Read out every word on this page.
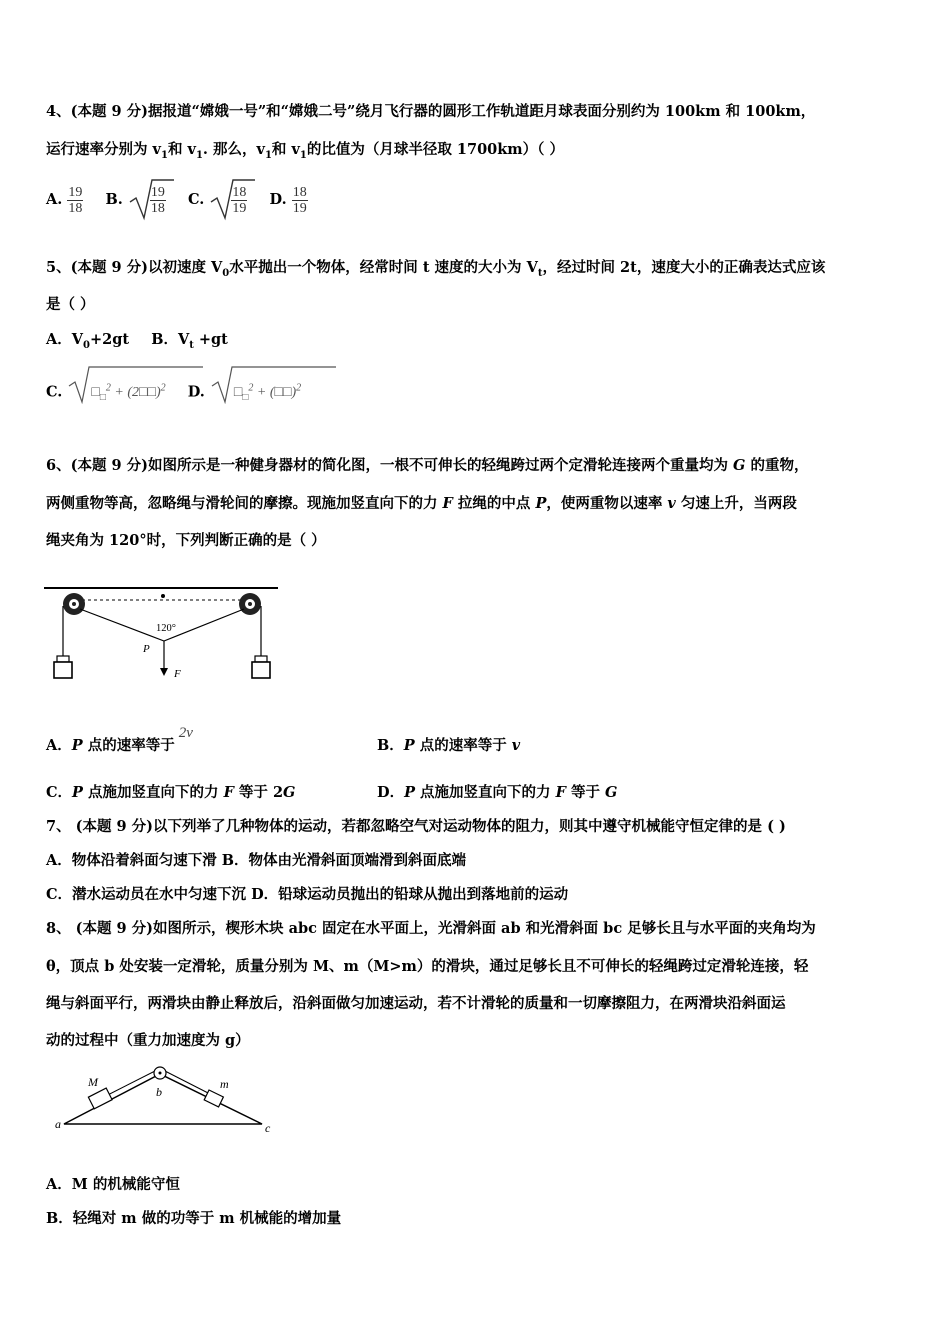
4、(本题 9 分)据报道“嫦娥一号”和“嫦娥二号”绕月飞行器的圆形工作轨道距月球表面分别约为 100km 和 100km，
运行速率分别为 $v_1$和 $v_1$. 那么，$v_1$和 $v_1$的比值为（月球半径取 1700km）（ ）
A. $\frac{19}{18} B$. $\frac{19}{18} C$. $\frac{18}{19} D$. $\frac{18}{19}$
5、(本题 9 分)以初速度 $V_0$水平抛出一个物体，经常时间 t 速度的大小为 $V_t$，经过时间 2t，速度大小的正确表达式应该
是（ ）
A．$V_0+2gt$ B．$V_t +gt$
C. $□_□^2$ + (2□□)$^2$ D. $□_□^2$ + (□□)$^2$
6、(本题 9 分)如图所示是一种健身器材的简化图，一根不可伸长的轻绳跨过两个定滑轮连接两个重量均为 G 的重物，
两侧重物等高，忽略绳与滑轮间的摩擦。现施加竖直向下的力 F 拉绳的中点 P，使两重物以速率 v 匀速上升，当两段
绳夹角为 120°时，下列判断正确的是（ ）
120°
P
F
A．P 点的速率等于2v
B．P 点的速率等于 v
C．P 点施加竖直向下的力 F 等于 2G	D．P 点施加竖直向下的力 F 等于 G
7、 (本题 9 分)以下列举了几种物体的运动，若都忽略空气对运动物体的阻力，则其中遵守机械能守恒定律的是 ( )
A．物体沿着斜面匀速下滑 B．物体由光滑斜面顶端滑到斜面底端
C．潜水运动员在水中匀速下沉 D．铅球运动员抛出的铅球从抛出到落地前的运动
8、 (本题 9 分)如图所示，楔形木块 abc 固定在水平面上，光滑斜面 ab 和光滑斜面 bc 足够长且与水平面的夹角均为
θ，顶点 b 处安装一定滑轮，质量分别为 M、m（M>m）的滑块，通过足够长且不可伸长的轻绳跨过定滑轮连接，轻
绳与斜面平行，两滑块由静止释放后，沿斜面做匀加速运动，若不计滑轮的质量和一切摩擦阻力，在两滑块沿斜面运
动的过程中（重力加速度为 g）
M	m
a
b
c
A．M 的机械能守恒
B．轻绳对 m 做的功等于 m 机械能的增加量
